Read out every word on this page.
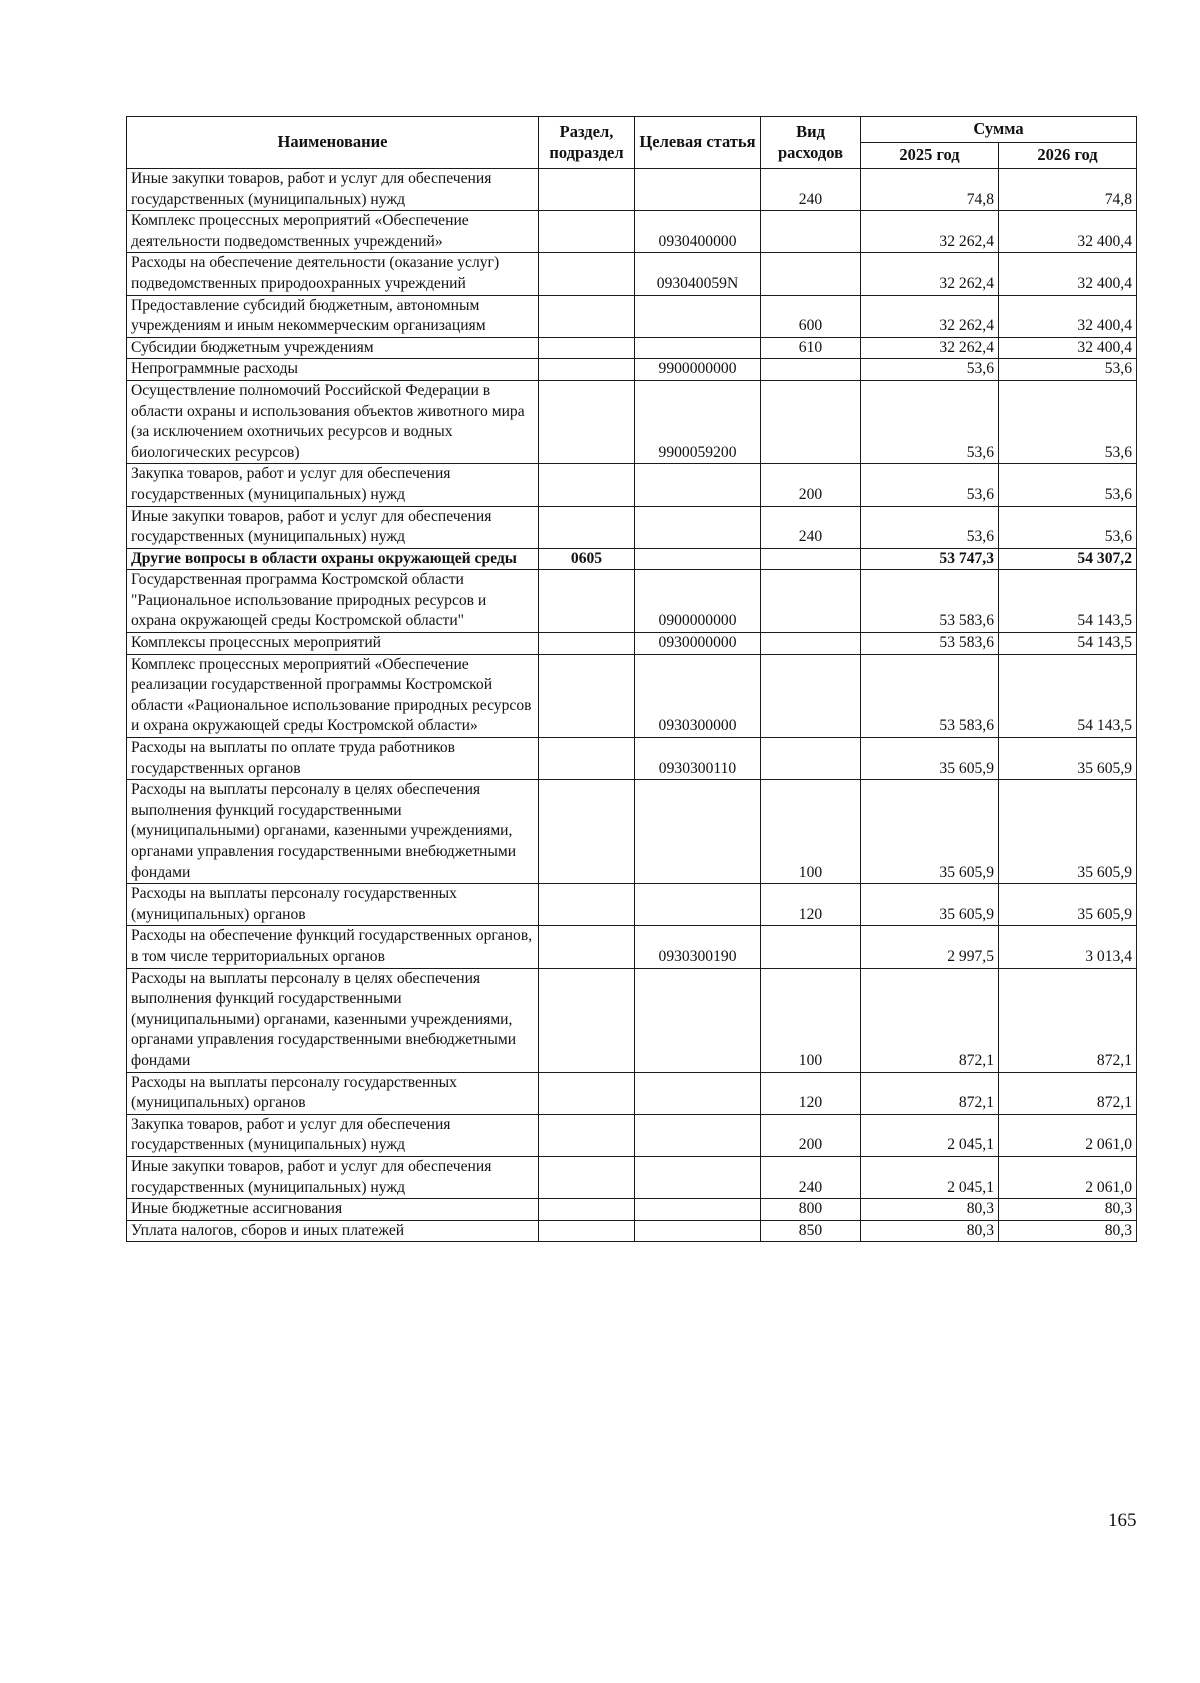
Наименование	Раздел, подраздел	Целевая статья	Вид расходов	Сумма	
				2025 год	2026 год
Иные закупки товаров, работ и услуг для обеспечения государственных (муниципальных) нужд			240	74,8	74,8
Комплекс процессных мероприятий «Обеспечение деятельности подведомственных учреждений»		0930400000		32 262,4	32 400,4
Расходы на обеспечение деятельности (оказание услуг) подведомственных природоохранных учреждений		093040059N		32 262,4	32 400,4
Предоставление субсидий бюджетным, автономным учреждениям и иным некоммерческим организациям			600	32 262,4	32 400,4
Субсидии бюджетным учреждениям			610	32 262,4	32 400,4
Непрограммные расходы		9900000000		53,6	53,6
Осуществление полномочий Российской Федерации в области охраны и использования объектов животного мира (за исключением охотничьих ресурсов и водных биологических ресурсов)		9900059200		53,6	53,6
Закупка товаров, работ и услуг для обеспечения государственных (муниципальных) нужд			200	53,6	53,6
Иные закупки товаров, работ и услуг для обеспечения государственных (муниципальных) нужд			240	53,6	53,6
Другие вопросы в области охраны окружающей среды	0605			53 747,3	54 307,2
Государственная программа Костромской области "Рациональное использование природных ресурсов и охрана окружающей среды Костромской области"		0900000000		53 583,6	54 143,5
Комплексы процессных мероприятий		0930000000		53 583,6	54 143,5
Комплекс процессных мероприятий «Обеспечение реализации государственной программы Костромской области «Рациональное использование природных ресурсов и охрана окружающей среды Костромской области»		0930300000		53 583,6	54 143,5
Расходы на выплаты по оплате труда работников государственных органов		0930300110		35 605,9	35 605,9
Расходы на выплаты персоналу в целях обеспечения выполнения функций государственными (муниципальными) органами, казенными учреждениями, органами управления государственными внебюджетными фондами			100	35 605,9	35 605,9
Расходы на выплаты персоналу государственных (муниципальных) органов			120	35 605,9	35 605,9
Расходы на обеспечение функций государственных органов, в том числе территориальных органов		0930300190		2 997,5	3 013,4
Расходы на выплаты персоналу в целях обеспечения выполнения функций государственными (муниципальными) органами, казенными учреждениями, органами управления государственными внебюджетными фондами			100	872,1	872,1
Расходы на выплаты персоналу государственных (муниципальных) органов			120	872,1	872,1
Закупка товаров, работ и услуг для обеспечения государственных (муниципальных) нужд			200	2 045,1	2 061,0
Иные закупки товаров, работ и услуг для обеспечения государственных (муниципальных) нужд			240	2 045,1	2 061,0
Иные бюджетные ассигнования			800	80,3	80,3
Уплата налогов, сборов и иных платежей			850	80,3	80,3
165
